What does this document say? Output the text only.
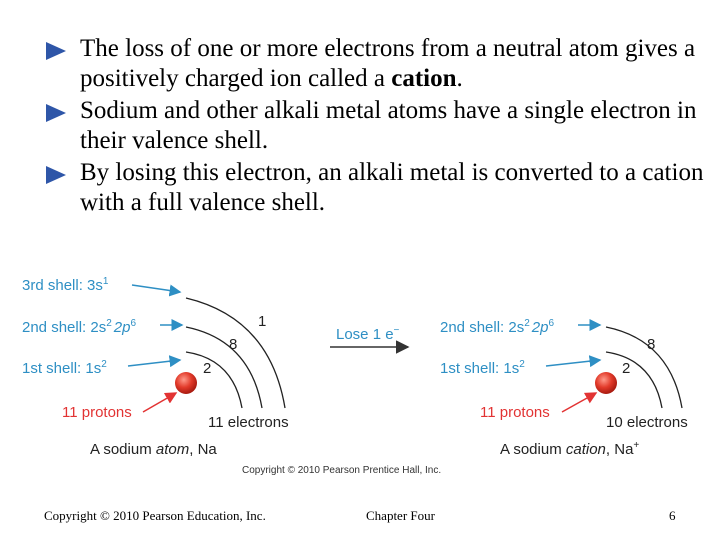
The loss of one or more electrons from a neutral atom gives a positively charged ion called a cation.
Sodium and other alkali metal atoms have a single electron in their valence shell.
By losing this electron, an alkali metal is converted to a cation with a full valence shell.
3rd shell: $3s^1$
2nd shell: $2s^2$ $2p^6$
1st shell: $1s^2$
1
8
2
11 protons
11 electrons
A sodium atom, Na
Lose 1 e−	2nd shell: $2s^2$ $2p^6$
1st shell: $1s^2$
8
2
11 protons
10 electrons
A sodium cation, Na+
Copyright © 2010 Pearson Prentice Hall, Inc.
Copyright © 2010 Pearson Education, Inc.	Chapter Four	6
